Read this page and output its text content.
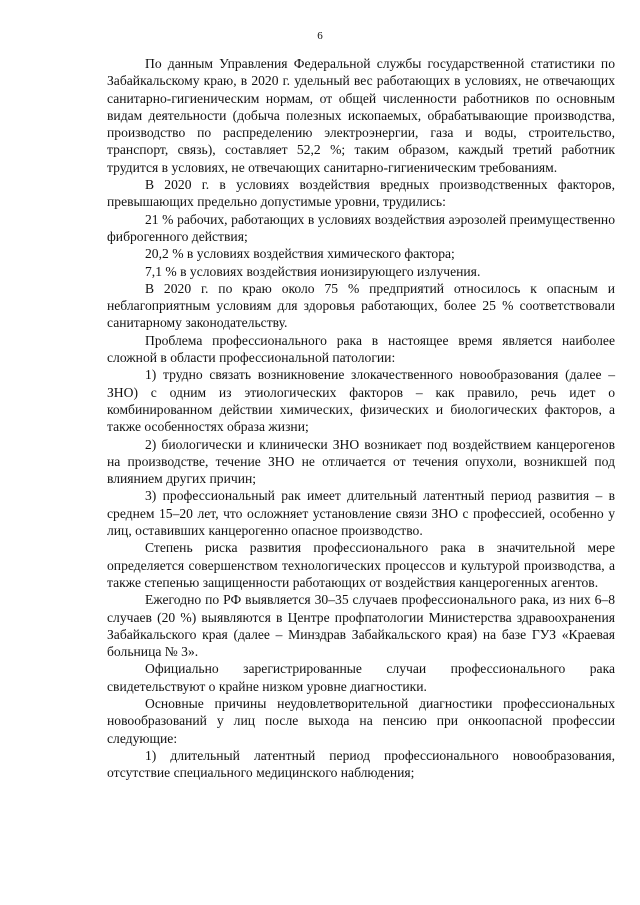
6

По данным Управления Федеральной службы государственной статистики по Забайкальскому краю, в 2020 г. удельный вес работающих в условиях, не отвечающих санитарно-гигиеническим нормам, от общей численности работников по основным видам деятельности (добыча полезных ископаемых, обрабатывающие производства, производство по распределению электроэнергии, газа и воды, строительство, транспорт, связь), составляет 52,2 %; таким образом, каждый третий работник трудится в условиях, не отвечающих санитарно-гигиеническим требованиям.

В 2020 г. в условиях воздействия вредных производственных факторов, превышающих предельно допустимые уровни, трудились:

21 % рабочих, работающих в условиях воздействия аэрозолей преимущественно фиброгенного действия;

20,2 % в условиях воздействия химического фактора;

7,1 % в условиях воздействия ионизирующего излучения.

В 2020 г. по краю около 75 % предприятий относилось к опасным и неблагоприятным условиям для здоровья работающих, более 25 % соответствовали санитарному законодательству.

Проблема профессионального рака в настоящее время является наиболее сложной в области профессиональной патологии:

1) трудно связать возникновение злокачественного новообразования (далее – ЗНО) с одним из этиологических факторов – как правило, речь идет о комбинированном действии химических, физических и биологических факторов, а также особенностях образа жизни;

2) биологически и клинически ЗНО возникает под воздействием канцерогенов на производстве, течение ЗНО не отличается от течения опухоли, возникшей под влиянием других причин;

3) профессиональный рак имеет длительный латентный период развития – в среднем 15–20 лет, что осложняет установление связи ЗНО с профессией, особенно у лиц, оставивших канцерогенно опасное производство.

Степень риска развития профессионального рака в значительной мере определяется совершенством технологических процессов и культурой производства, а также степенью защищенности работающих от воздействия канцерогенных агентов.

Ежегодно по РФ выявляется 30–35 случаев профессионального рака, из них 6–8 случаев (20 %) выявляются в Центре профпатологии Министерства здравоохранения Забайкальского края (далее – Минздрав Забайкальского края) на базе ГУЗ «Краевая больница № 3».

Официально зарегистрированные случаи профессионального рака свидетельствуют о крайне низком уровне диагностики.

Основные причины неудовлетворительной диагностики профессиональных новообразований у лиц после выхода на пенсию при онкоопасной профессии следующие:

1) длительный латентный период профессионального новообразования, отсутствие специального медицинского наблюдения;
